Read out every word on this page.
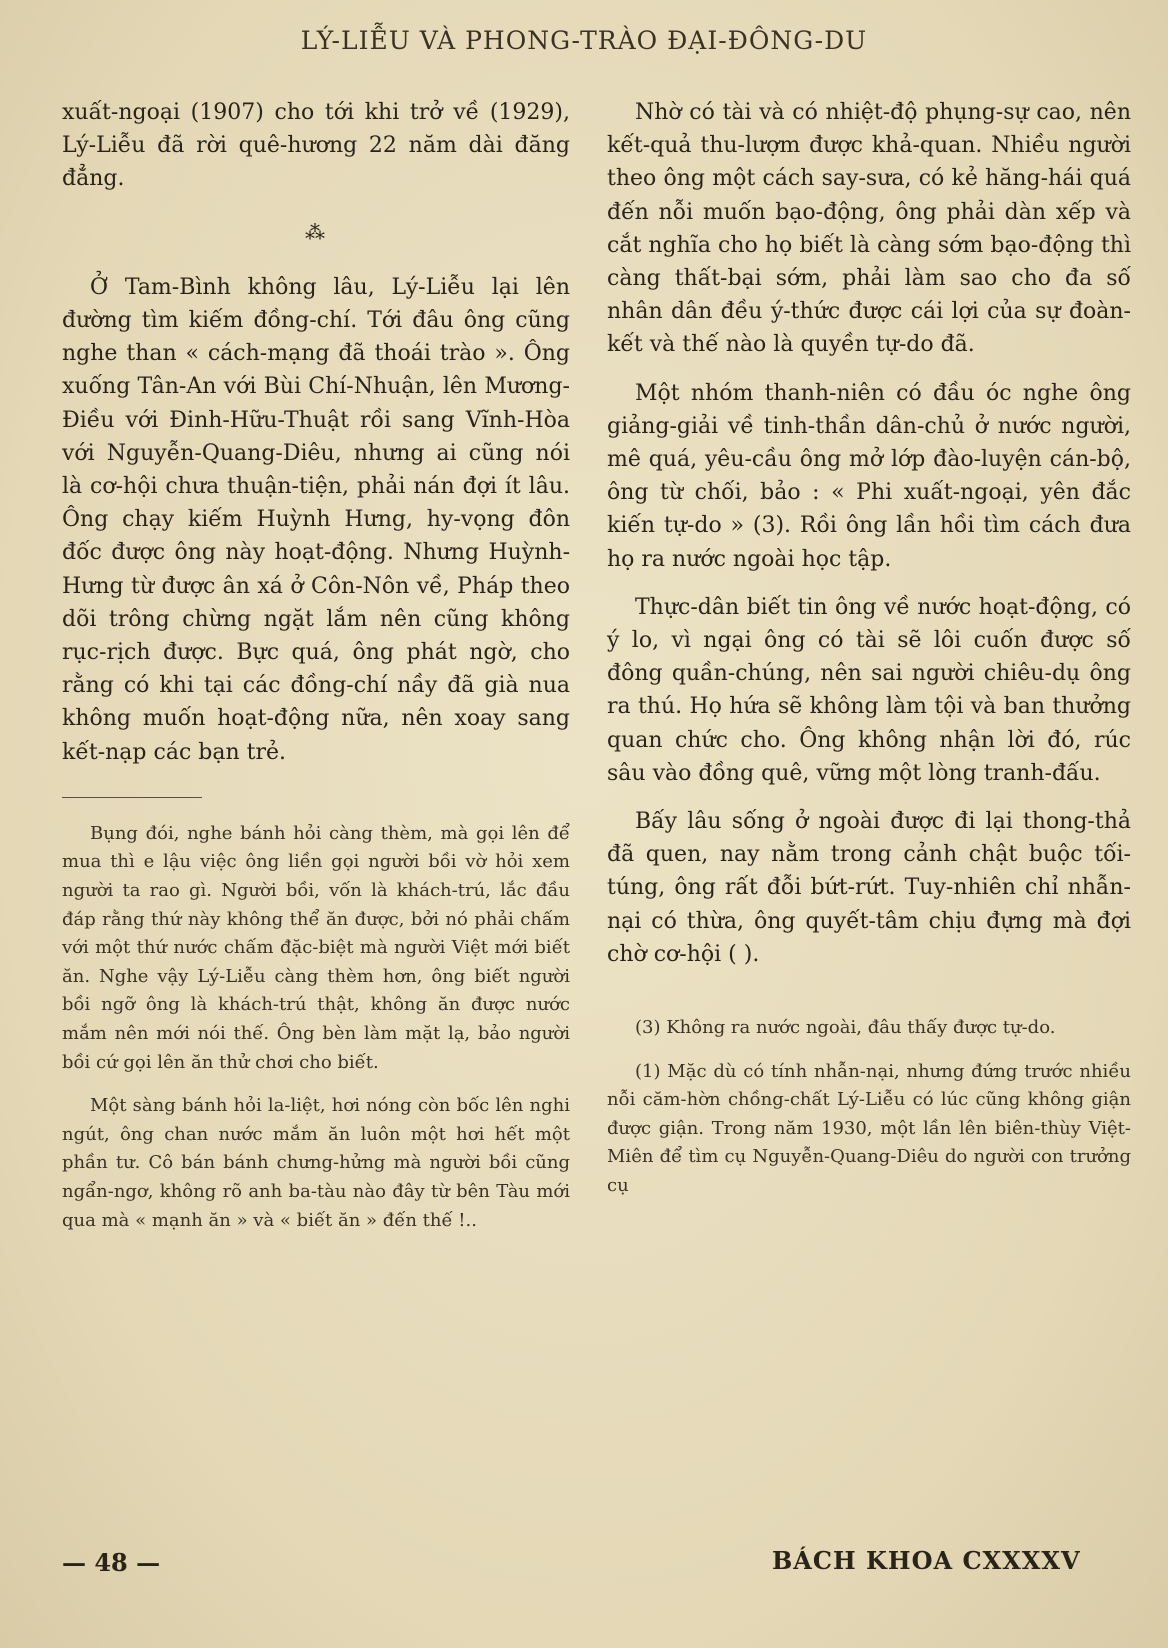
LÝ-LIỄU VÀ PHONG-TRÀO ĐẠI-ĐÔNG-DU

xuất-ngoại (1907) cho tới khi trở về (1929), Lý-Liễu đã rời quê-hương 22 năm dài đăng đẳng.

⁂

Ở Tam-Bình không lâu, Lý-Liễu lại lên đường tìm kiếm đồng-chí. Tới đâu ông cũng nghe than « cách-mạng đã thoái trào ». Ông xuống Tân-An với Bùi Chí-Nhuận, lên Mương-Điều với Đinh-Hữu-Thuật rồi sang Vĩnh-Hòa với Nguyễn-Quang-Diêu, nhưng ai cũng nói là cơ-hội chưa thuận-tiện, phải nán đợi ít lâu. Ông chạy kiếm Huỳnh Hưng, hy-vọng đôn đốc được ông này hoạt-động. Nhưng Huỳnh-Hưng từ được ân xá ở Côn-Nôn về, Pháp theo dõi trông chừng ngặt lắm nên cũng không rục-rịch được. Bực quá, ông phát ngờ, cho rằng có khi tại các đồng-chí nầy đã già nua không muốn hoạt-động nữa, nên xoay sang kết-nạp các bạn trẻ.

Bụng đói, nghe bánh hỏi càng thèm, mà gọi lên để mua thì e lậu việc ông liền gọi người bồi vờ hỏi xem người ta rao gì. Người bồi, vốn là khách-trú, lắc đầu đáp rằng thứ này không thể ăn được, bởi nó phải chấm với một thứ nước chấm đặc-biệt mà người Việt mới biết ăn. Nghe vậy Lý-Liễu càng thèm hơn, ông biết người bồi ngỡ ông là khách-trú thật, không ăn được nước mắm nên mới nói thế. Ông bèn làm mặt lạ, bảo người bồi cứ gọi lên ăn thử chơi cho biết.

Một sàng bánh hỏi la-liệt, hơi nóng còn bốc lên nghi ngút, ông chan nước mắm ăn luôn một hơi hết một phần tư. Cô bán bánh chưng-hửng mà người bồi cũng ngẩn-ngơ, không rõ anh ba-tàu nào đây từ bên Tàu mới qua mà « mạnh ăn » và « biết ăn » đến thế !..

Nhờ có tài và có nhiệt-độ phụng-sự cao, nên kết-quả thu-lượm được khả-quan. Nhiều người theo ông một cách say-sưa, có kẻ hăng-hái quá đến nỗi muốn bạo-động, ông phải dàn xếp và cắt nghĩa cho họ biết là càng sớm bạo-động thì càng thất-bại sớm, phải làm sao cho đa số nhân dân đều ý-thức được cái lợi của sự đoàn-kết và thế nào là quyền tự-do đã.

Một nhóm thanh-niên có đầu óc nghe ông giảng-giải về tinh-thần dân-chủ ở nước người, mê quá, yêu-cầu ông mở lớp đào-luyện cán-bộ, ông từ chối, bảo : « Phi xuất-ngoại, yên đắc kiến tự-do » (3). Rồi ông lần hồi tìm cách đưa họ ra nước ngoài học tập.

Thực-dân biết tin ông về nước hoạt-động, có ý lo, vì ngại ông có tài sẽ lôi cuốn được số đông quần-chúng, nên sai người chiêu-dụ ông ra thú. Họ hứa sẽ không làm tội và ban thưởng quan chức cho. Ông không nhận lời đó, rúc sâu vào đồng quê, vững một lòng tranh-đấu.

Bấy lâu sống ở ngoài được đi lại thong-thả đã quen, nay nằm trong cảnh chật buộc tối-túng, ông rất đỗi bứt-rứt. Tuy-nhiên chỉ nhẫn-nại có thừa, ông quyết-tâm chịu đựng mà đợi chờ cơ-hội ( ).

(3) Không ra nước ngoài, đâu thấy được tự-do.

(1) Mặc dù có tính nhẫn-nại, nhưng đứng trước nhiều nỗi căm-hờn chồng-chất Lý-Liễu có lúc cũng không giận được giận. Trong năm 1930, một lần lên biên-thùy Việt-Miên để tìm cụ Nguyễn-Quang-Diêu do người con trưởng cụ

— 48 —	BÁCH KHOA CXXXXV
